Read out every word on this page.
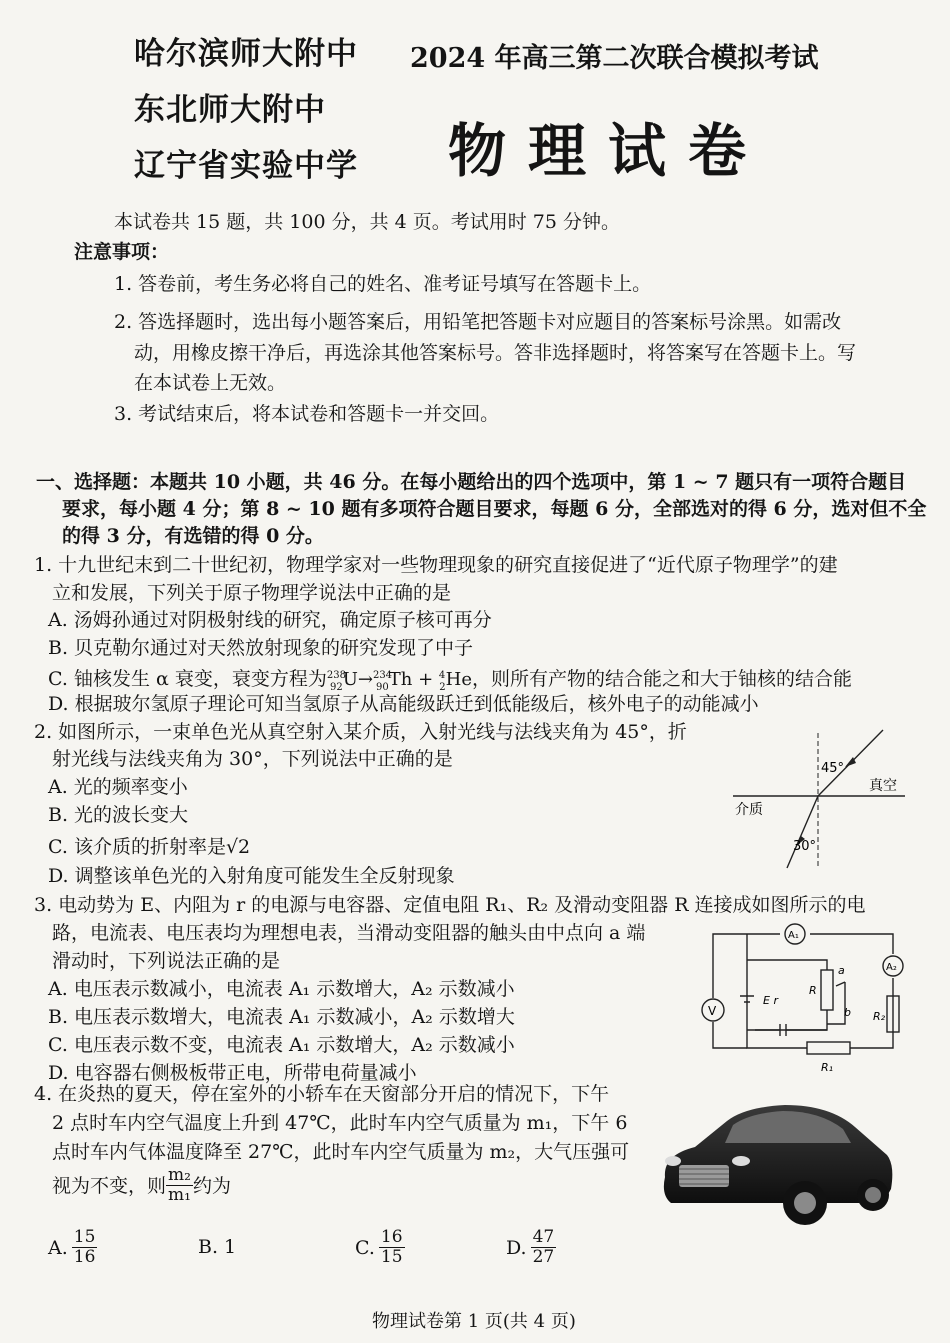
哈尔滨师大附中
东北师大附中
辽宁省实验中学
2024 年高三第二次联合模拟考试
物理试卷
本试卷共 15 题，共 100 分，共 4 页。考试用时 75 分钟。
注意事项：
1. 答卷前，考生务必将自己的姓名、准考证号填写在答题卡上。
2. 答选择题时，选出每小题答案后，用铅笔把答题卡对应题目的答案标号涂黑。如需改
动，用橡皮擦干净后，再选涂其他答案标号。答非选择题时，将答案写在答题卡上。写
在本试卷上无效。
3. 考试结束后，将本试卷和答题卡一并交回。
一、选择题：本题共 10 小题，共 46 分。在每小题给出的四个选项中，第 1 ~ 7 题只有一项符合题目
要求，每小题 4 分；第 8 ~ 10 题有多项符合题目要求，每题 6 分，全部选对的得 6 分，选对但不全
的得 3 分，有选错的得 0 分。
1. 十九世纪末到二十世纪初，物理学家对一些物理现象的研究直接促进了“近代原子物理学”的建
立和发展，下列关于原子物理学说法中正确的是
A. 汤姆孙通过对阴极射线的研究，确定原子核可再分
B. 贝克勒尔通过对天然放射现象的研究发现了中子
C. 铀核发生 α 衰变，衰变方程为$^{238}_{92}$U→$^{234}_{90}$Th + $^4_2$He，则所有产物的结合能之和大于铀核的结合能
D. 根据玻尔氢原子理论可知当氢原子从高能级跃迁到低能级后，核外电子的动能减小
2. 如图所示，一束单色光从真空射入某介质，入射光线与法线夹角为 45°，折
射光线与法线夹角为 30°，下列说法中正确的是
A. 光的频率变小
B. 光的波长变大
C. 该介质的折射率是√2
D. 调整该单色光的入射角度可能发生全反射现象
45°
真空
介质
30°
3. 电动势为 E、内阻为 r 的电源与电容器、定值电阻 R₁、R₂ 及滑动变阻器 R 连接成如图所示的电
路，电流表、电压表均为理想电表，当滑动变阻器的触头由中点向 a 端
滑动时，下列说法正确的是
A. 电压表示数减小，电流表 A₁ 示数增大，A₂ 示数减小
B. 电压表示数增大，电流表 A₁ 示数减小，A₂ 示数增大
C. 电压表示数不变，电流表 A₁ 示数增大，A₂ 示数减小
D. 电容器右侧极板带正电，所带电荷量减小
A₁
A₂
V
E r
R
a
b R₂
R₁
4. 在炎热的夏天，停在室外的小轿车在天窗部分开启的情况下，下午
2 点时车内空气温度上升到 47℃，此时车内空气质量为 m₁，下午 6
点时车内气体温度降至 27℃，此时车内空气质量为 m₂，大气压强可
视为不变，则 $\frac{\text{m₂}}{\text{m₁}}$ 约为
A. $\frac{15}{16}$	B. 1	C. $\frac{16}{15}$	D. $\frac{47}{27}$
物理试卷第 1 页(共 4 页)
